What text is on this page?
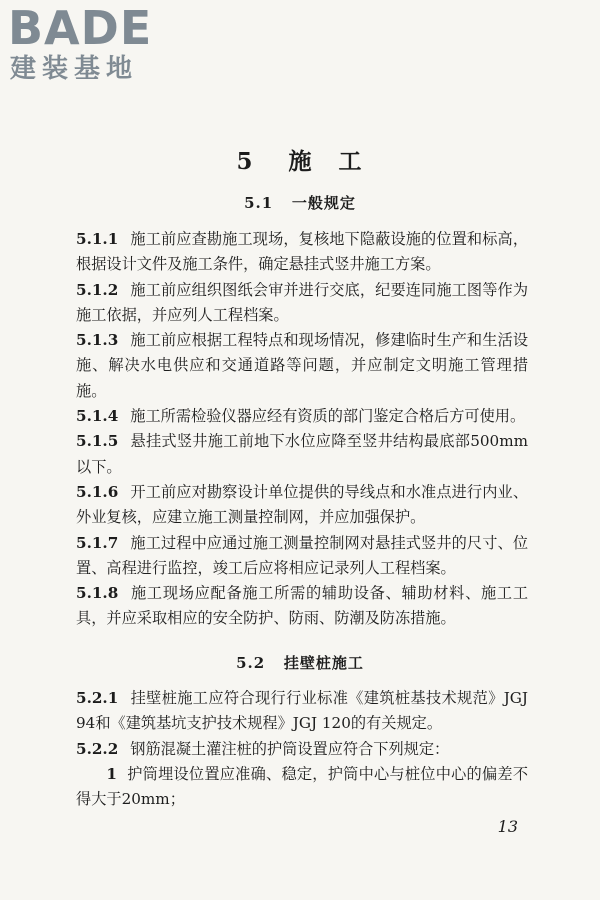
BADE
建装基地
5 施　工
5.1 一般规定

5.1.1 施工前应查勘施工现场，复核地下隐蔽设施的位置和标高，根据设计文件及施工条件，确定悬挂式竖井施工方案。

5.1.2 施工前应组织图纸会审并进行交底，纪要连同施工图等作为施工依据，并应列人工程档案。

5.1.3 施工前应根据工程特点和现场情况，修建临时生产和生活设施、解决水电供应和交通道路等问题，并应制定文明施工管理措施。

5.1.4 施工所需检验仪器应经有资质的部门鉴定合格后方可使用。

5.1.5 悬挂式竖井施工前地下水位应降至竖井结构最底部500mm以下。

5.1.6 开工前应对勘察设计单位提供的导线点和水准点进行内业、外业复核，应建立施工测量控制网，并应加强保护。

5.1.7 施工过程中应通过施工测量控制网对悬挂式竖井的尺寸、位置、高程进行监控，竣工后应将相应记录列人工程档案。

5.1.8 施工现场应配备施工所需的辅助设备、辅助材料、施工工具，并应采取相应的安全防护、防雨、防潮及防冻措施。

5.2 挂壁桩施工

5.2.1 挂壁桩施工应符合现行行业标准《建筑桩基技术规范》JGJ 94和《建筑基坑支护技术规程》JGJ 120的有关规定。

5.2.2 钢筋混凝土灌注桩的护筒设置应符合下列规定：

1 护筒埋设位置应准确、稳定，护筒中心与桩位中心的偏差不得大于20mm；

13
